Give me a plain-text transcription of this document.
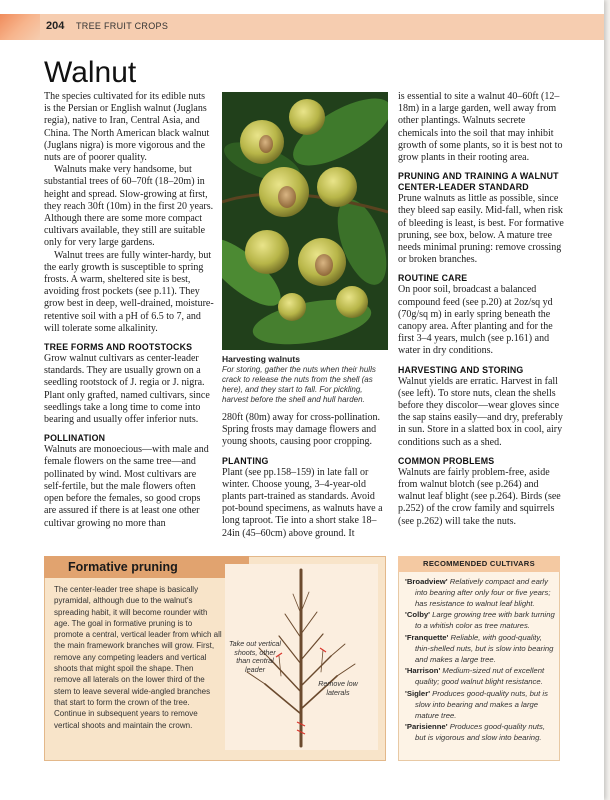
204 TREE FRUIT CROPS
Walnut

The species cultivated for its edible nuts is the Persian or English walnut (Juglans regia), native to Iran, Central Asia, and China. The North American black walnut (Juglans nigra) is more vigorous and the nuts are of poorer quality.

Walnuts make very handsome, but substantial trees of 60–70ft (18–20m) in height and spread. Slow-growing at first, they reach 30ft (10m) in the first 20 years. Although there are some more compact cultivars available, they still are suitable only for very large gardens.

Walnut trees are fully winter-hardy, but the early growth is susceptible to spring frosts. A warm, sheltered site is best, avoiding frost pockets (see p.11). They grow best in deep, well-drained, moisture-retentive soil with a pH of 6.5 to 7, and will tolerate some alkalinity.

TREE FORMS AND ROOTSTOCKS

Grow walnut cultivars as center-leader standards. They are usually grown on a seedling rootstock of J. regia or J. nigra. Plant only grafted, named cultivars, since seedlings take a long time to come into bearing and usually offer inferior nuts.

POLLINATION

Walnuts are monoecious—with male and female flowers on the same tree—and pollinated by wind. Most cultivars are self-fertile, but the male flowers often open before the females, so good crops are assured if there is at least one other cultivar growing no more than

Harvesting walnuts
For storing, gather the nuts when their hulls crack to release the nuts from the shell (as here), and they start to fall. For pickling, harvest before the shell and hull harden.

280ft (80m) away for cross-pollination. Spring frosts may damage flowers and young shoots, causing poor cropping.

PLANTING

Plant (see pp.158–159) in late fall or winter. Choose young, 3–4-year-old plants part-trained as standards. Avoid pot-bound specimens, as walnuts have a long taproot. Tie into a short stake 18–24in (45–60cm) above ground. It

is essential to site a walnut 40–60ft (12–18m) in a large garden, well away from other plantings. Walnuts secrete chemicals into the soil that may inhibit growth of some plants, so it is best not to grow plants in their rooting area.

PRUNING AND TRAINING A WALNUT
CENTER-LEADER STANDARD

Prune walnuts as little as possible, since they bleed sap easily. Mid-fall, when risk of bleeding is least, is best. For formative pruning, see box, below. A mature tree needs minimal pruning: remove crossing or broken branches.

ROUTINE CARE

On poor soil, broadcast a balanced compound feed (see p.20) at 2oz/sq yd (70g/sq m) in early spring beneath the canopy area. After planting and for the first 3–4 years, mulch (see p.161) and water in dry conditions.

HARVESTING AND STORING

Walnut yields are erratic. Harvest in fall (see left). To store nuts, clean the shells before they discolor—wear gloves since the sap stains easily—and dry, preferably in sun. Store in a slatted box in cool, airy conditions such as a shed.

COMMON PROBLEMS

Walnuts are fairly problem-free, aside from walnut blotch (see p.264) and walnut leaf blight (see p.264). Birds (see p.252) of the crow family and squirrels (see p.262) will take the nuts.

Formative pruning
The center-leader tree shape is basically pyramidal, although due to the walnut's spreading habit, it will become rounder with age. The goal in formative pruning is to promote a central, vertical leader from which all the main framework branches will grow. First, remove any competing leaders and vertical shoots that might spoil the shape. Then remove all laterals on the lower third of the stem to leave several wide-angled branches that start to form the crown of the tree. Continue in subsequent years to remove vertical shoots and maintain the crown.
Take out vertical shoots, other than central leader
Remove low laterals
RECOMMENDED CULTIVARS
'Broadview' Relatively compact and early into bearing after only four or five years; has resistance to walnut leaf blight.
'Colby' Large growing tree with bark turning to a whitish color as tree matures.
'Franquette' Reliable, with good-quality, thin-shelled nuts, but is slow into bearing and makes a large tree.
'Harrison' Medium-sized nut of excellent quality; good walnut blight resistance.
'Sigler' Produces good-quality nuts, but is slow into bearing and makes a large mature tree.
'Parisienne' Produces good-quality nuts, but is vigorous and slow into bearing.
